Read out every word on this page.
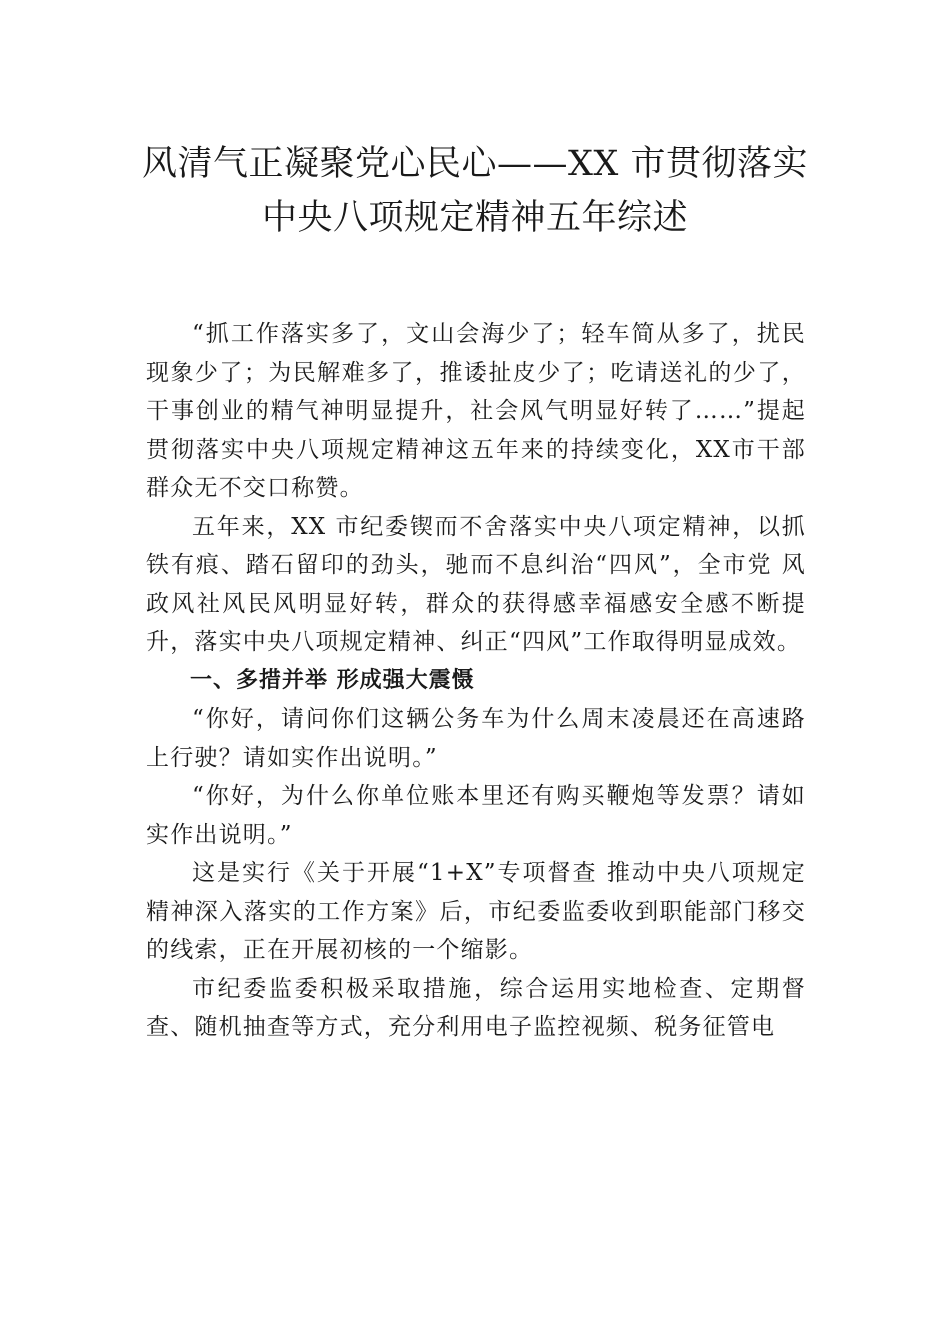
风清气正凝聚党心民心——XX 市贯彻落实
中央八项规定精神五年综述

“抓工作落实多了，文山会海少了；轻车简从多了，扰民现象少了；为民解难多了，推诿扯皮少了；吃请送礼的少了，干事创业的精气神明显提升，社会风气明显好转了……”提起贯彻落实中央八项规定精神这五年来的持续变化，XX市干部群众无不交口称赞。

五年来，XX 市纪委锲而不舍落实中央八项定精神，以抓铁有痕、踏石留印的劲头，驰而不息纠治“四风”，全市党 风政风社风民风明显好转，群众的获得感幸福感安全感不断提升，落实中央八项规定精神、纠正“四风”工作取得明显成效。

一、多措并举 形成强大震慑

“你好，请问你们这辆公务车为什么周末凌晨还在高速路上行驶？请如实作出说明。”

“你好，为什么你单位账本里还有购买鞭炮等发票？请如实作出说明。”

这是实行《关于开展“1+X”专项督查 推动中央八项规定精神深入落实的工作方案》后，市纪委监委收到职能部门移交的线索，正在开展初核的一个缩影。

市纪委监委积极采取措施，综合运用实地检查、定期督查、随机抽查等方式，充分利用电子监控视频、税务征管电
